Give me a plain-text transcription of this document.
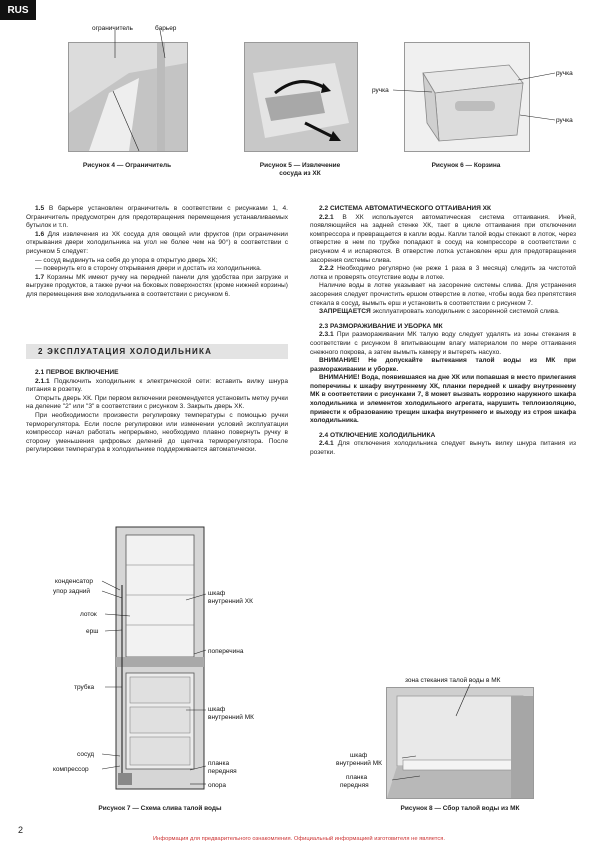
RUS
ограничитель	барьер
Рисунок 4 — Ограничитель	Рисунок 5 — Извлечение
сосуда из ХК
ручка
ручка
ручка
Рисунок 6 — Корзина

1.5 В барьере установлен ограничитель в соответствии с рисунками 1, 4. Ограничитель предусмотрен для предотвращения перемещения устанавливаемых бутылок и т.п.

1.6 Для извлечения из ХК сосуда для овощей или фруктов (при ограничении открывания двери холодильника на угол не более чем на 90°) в соответствии с рисунком 5 следует:

— сосуд выдвинуть на себя до упора в открытую дверь ХК;

— повернуть его в сторону открывания двери и достать из холодильника.

1.7 Корзины МК имеют ручку на передней панели для удобства при загрузке и выгрузке продуктов, а также ручки на боковых поверхностях (кроме нижней корзины) для перемещения вне холодильника в соответствии с рисунком 6.

2 ЭКСПЛУАТАЦИЯ ХОЛОДИЛЬНИКА

2.1 ПЕРВОЕ ВКЛЮЧЕНИЕ

2.1.1 Подключить холодильник к электрической сети: вставить вилку шнура питания в розетку.

Открыть дверь ХК. При первом включении рекомендуется установить метку ручки на деление "2" или "3" в соответствии с рисунком 3. Закрыть дверь ХК.

При необходимости произвести регулировку температуры с помощью ручки терморегулятора. Если после регулировки или изменении условий эксплуатации компрессор начал работать непрерывно, необходимо плавно повернуть ручку в сторону уменьшения цифровых делений до щелчка терморегулятора. После регулировки температура в холодильнике поддерживается автоматически.

2.2 СИСТЕМА АВТОМАТИЧЕСКОГО ОТТАИВАНИЯ ХК

2.2.1 В ХК используется автоматическая система оттаивания. Иней, появляющийся на задней стенке ХК, тает в цикле оттаивания при отключении компрессора и превращается в капли воды. Капли талой воды стекают в лоток, через отверстие в нем по трубке попадают в сосуд на компрессоре в соответствии с рисунком 4 и испаряются. В отверстие лотка установлен ерш для предотвращения засорения системы слива.

2.2.2 Необходимо регулярно (не реже 1 раза в 3 месяца) следить за чистотой лотка и проверять отсутствие воды в лотке.

Наличие воды в лотке указывает на засорение системы слива. Для устранения засорения следует прочистить ершом отверстие в лотке, чтобы вода без препятствия стекала в сосуд, вымыть ерш и установить в соответствии с рисунком 7.

ЗАПРЕЩАЕТСЯ эксплуатировать холодильник с засоренной системой слива.

2.3 РАЗМОРАЖИВАНИЕ И УБОРКА МК

2.3.1 При размораживании МК талую воду следует удалять из зоны стекания в соответствии с рисунком 8 впитывающим влагу материалом по мере оттаивания снежного покрова, а затем вымыть камеру и вытереть насухо.

ВНИМАНИЕ! Не допускайте вытекания талой воды из МК при размораживании и уборке.

ВНИМАНИЕ! Вода, появившаяся на дне ХК или попавшая в место прилегания поперечины к шкафу внутреннему ХК, планки передней к шкафу внутреннему МК в соответствии с рисунками 7, 8 может вызвать коррозию наружного шкафа холодильника и элементов холодильного агрегата, нарушить теплоизоляцию, привести к образованию трещин шкафа внутреннего и выходу из строя шкафа холодильника.

2.4 ОТКЛЮЧЕНИЕ ХОЛОДИЛЬНИКА

2.4.1 Для отключения холодильника следует вынуть вилку шнура питания из розетки.

конденсатор
упор задний
лоток
ерш
трубка
сосуд
компрессор
шкаф
внутренний ХК
поперечина
шкаф
внутренний МК
планка
передняя
опора
Рисунок 7 — Схема слива талой воды
зона стекания талой воды в МК
шкаф
внутренний МК
планка
передняя
Рисунок 8 — Сбор талой воды из МК
2
Информация для предварительного ознакомления. Официальный информацией изготовителя не является.
